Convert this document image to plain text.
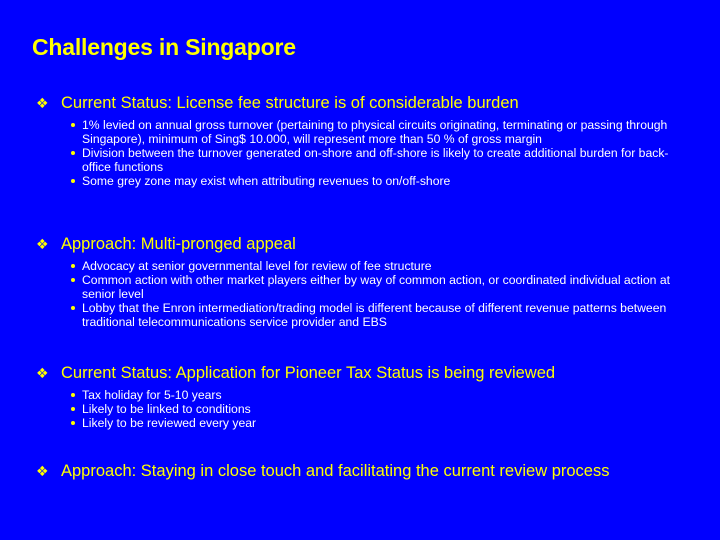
Challenges in Singapore
❖ Current Status: License fee structure is of considerable burden
1% levied on annual gross turnover (pertaining to physical circuits originating, terminating or passing through Singapore), minimum of Sing$ 10.000, will represent more than 50 % of gross margin
Division between the turnover generated on-shore and off-shore is likely to create additional burden for back-office functions
Some grey zone may exist when attributing revenues to on/off-shore
❖ Approach: Multi-pronged appeal
Advocacy at senior governmental level for review of fee structure
Common action with other market players either by way of common action, or coordinated individual action at senior level
Lobby that the Enron intermediation/trading model is different because of different revenue patterns between traditional telecommunications service provider and EBS
❖ Current Status: Application for Pioneer Tax Status is being reviewed
Tax holiday for 5-10 years
Likely to be linked to conditions
Likely to be reviewed every year
❖ Approach: Staying in close touch and facilitating the current review process
